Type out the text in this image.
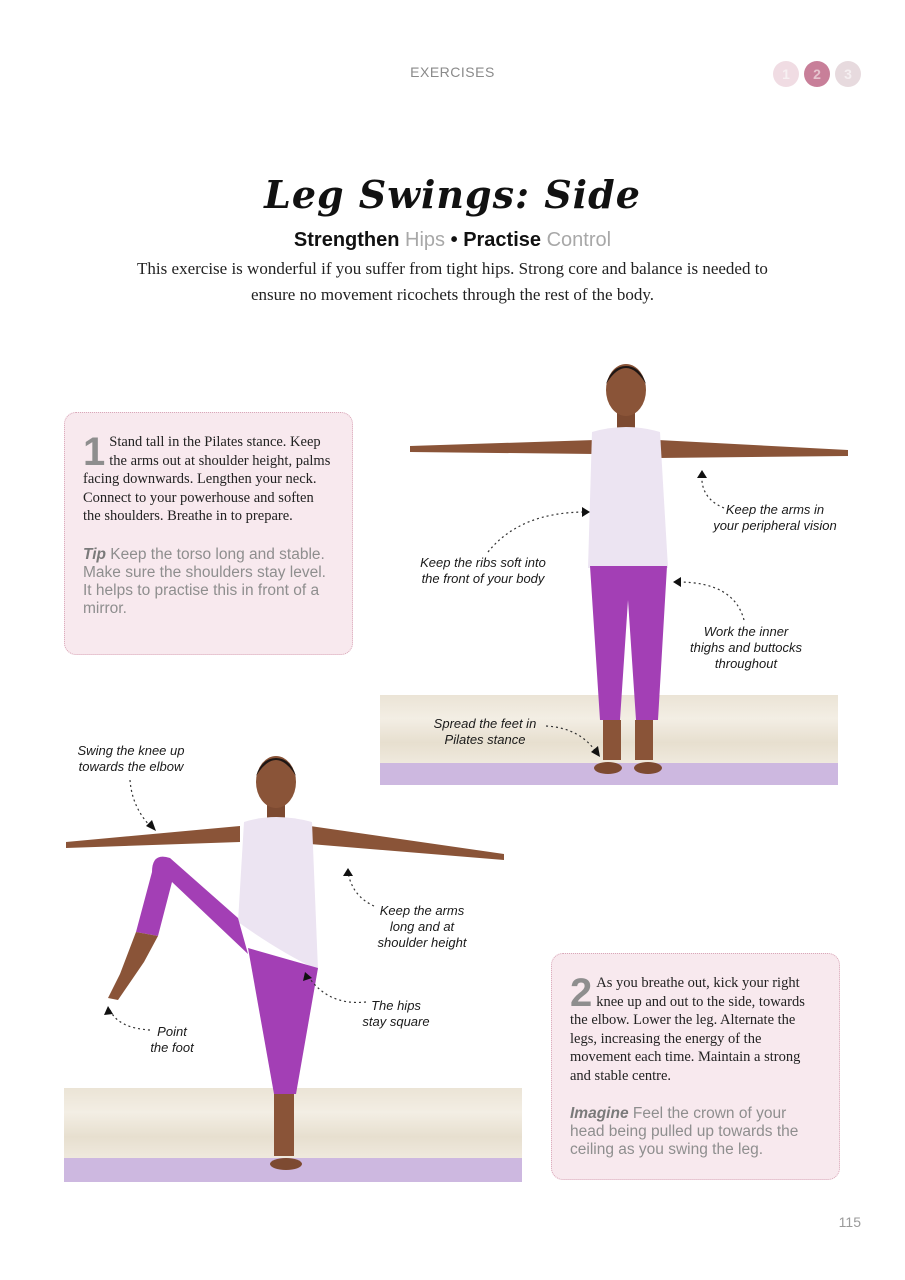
EXERCISES	1	2	3
Leg Swings: Side
Strengthen Hips • Practise Control
This exercise is wonderful if you suffer from tight hips. Strong core and balance is needed to ensure no movement ricochets through the rest of the body.
1 Stand tall in the Pilates stance. Keep the arms out at shoulder height, palms facing downwards. Lengthen your neck. Connect to your powerhouse and soften the shoulders. Breathe in to prepare.
Tip Keep the torso long and stable. Make sure the shoulders stay level. It helps to practise this in front of a mirror.
2 As you breathe out, kick your right knee up and out to the side, towards the elbow. Lower the leg. Alternate the legs, increasing the energy of the movement each time. Maintain a strong and stable centre.
Imagine Feel the crown of your head being pulled up towards the ceiling as you swing the leg.
Keep the arms in
your peripheral vision
Keep the ribs soft into
the front of your body
Work the inner
thighs and buttocks
throughout
Spread the feet in
Pilates stance
Swing the knee up
towards the elbow
Keep the arms
long and at
shoulder height
The hips
stay square
Point
the foot
115
